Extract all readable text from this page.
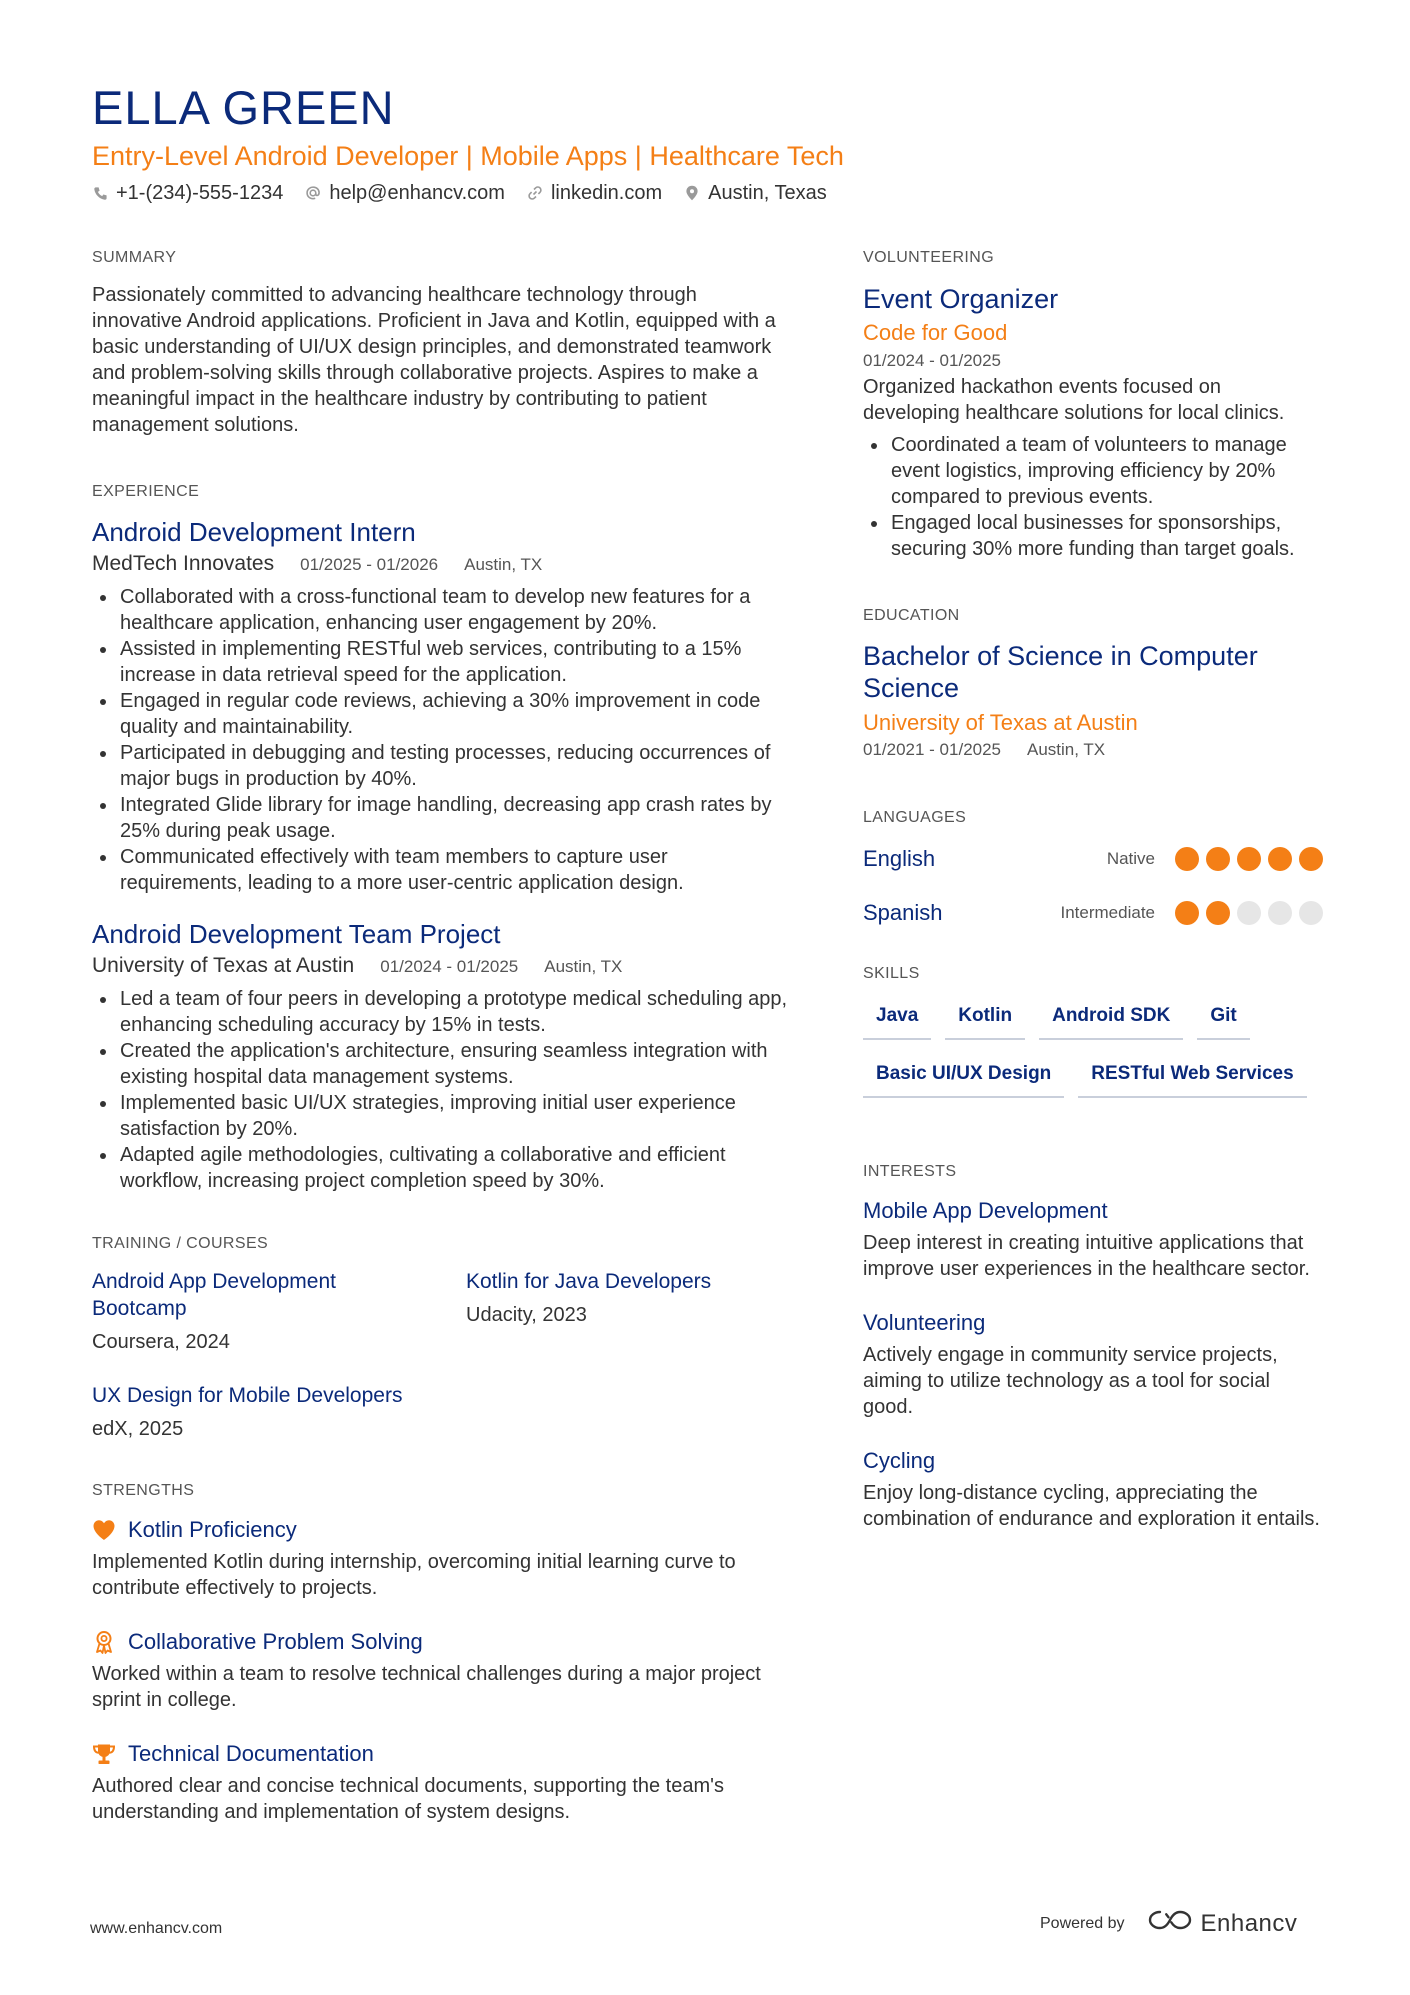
ELLA GREEN
Entry-Level Android Developer | Mobile Apps | Healthcare Tech
+1-(234)-555-1234 help@enhancv.com linkedin.com Austin, Texas
SUMMARY
Passionately committed to advancing healthcare technology through innovative Android applications. Proficient in Java and Kotlin, equipped with a basic understanding of UI/UX design principles, and demonstrated teamwork and problem-solving skills through collaborative projects. Aspires to make a meaningful impact in the healthcare industry by contributing to patient management solutions.
EXPERIENCE
Android Development Intern
MedTech Innovates 01/2025 - 01/2026 Austin, TX
Collaborated with a cross-functional team to develop new features for a healthcare application, enhancing user engagement by 20%.
Assisted in implementing RESTful web services, contributing to a 15% increase in data retrieval speed for the application.
Engaged in regular code reviews, achieving a 30% improvement in code quality and maintainability.
Participated in debugging and testing processes, reducing occurrences of major bugs in production by 40%.
Integrated Glide library for image handling, decreasing app crash rates by 25% during peak usage.
Communicated effectively with team members to capture user requirements, leading to a more user-centric application design.
Android Development Team Project
University of Texas at Austin 01/2024 - 01/2025 Austin, TX
Led a team of four peers in developing a prototype medical scheduling app, enhancing scheduling accuracy by 15% in tests.
Created the application's architecture, ensuring seamless integration with existing hospital data management systems.
Implemented basic UI/UX strategies, improving initial user experience satisfaction by 20%.
Adapted agile methodologies, cultivating a collaborative and efficient workflow, increasing project completion speed by 30%.
TRAINING / COURSES
Android App Development Bootcamp
Coursera, 2024
Kotlin for Java Developers
Udacity, 2023
UX Design for Mobile Developers
edX, 2025
STRENGTHS
Kotlin Proficiency
Implemented Kotlin during internship, overcoming initial learning curve to contribute effectively to projects.
Collaborative Problem Solving
Worked within a team to resolve technical challenges during a major project sprint in college.
Technical Documentation
Authored clear and concise technical documents, supporting the team's understanding and implementation of system designs.
VOLUNTEERING
Event Organizer
Code for Good
01/2024 - 01/2025
Organized hackathon events focused on developing healthcare solutions for local clinics.
Coordinated a team of volunteers to manage event logistics, improving efficiency by 20% compared to previous events.
Engaged local businesses for sponsorships, securing 30% more funding than target goals.
EDUCATION
Bachelor of Science in Computer Science
University of Texas at Austin
01/2021 - 01/2025 Austin, TX
LANGUAGES
English	Native
Spanish	Intermediate
SKILLS
Java	Kotlin	Android SDK	Git
Basic UI/UX Design	RESTful Web Services
INTERESTS
Mobile App Development
Deep interest in creating intuitive applications that improve user experiences in the healthcare sector.
Volunteering
Actively engage in community service projects, aiming to utilize technology as a tool for social good.
Cycling
Enjoy long-distance cycling, appreciating the combination of endurance and exploration it entails.
www.enhancv.com	Powered by	Enhancv
